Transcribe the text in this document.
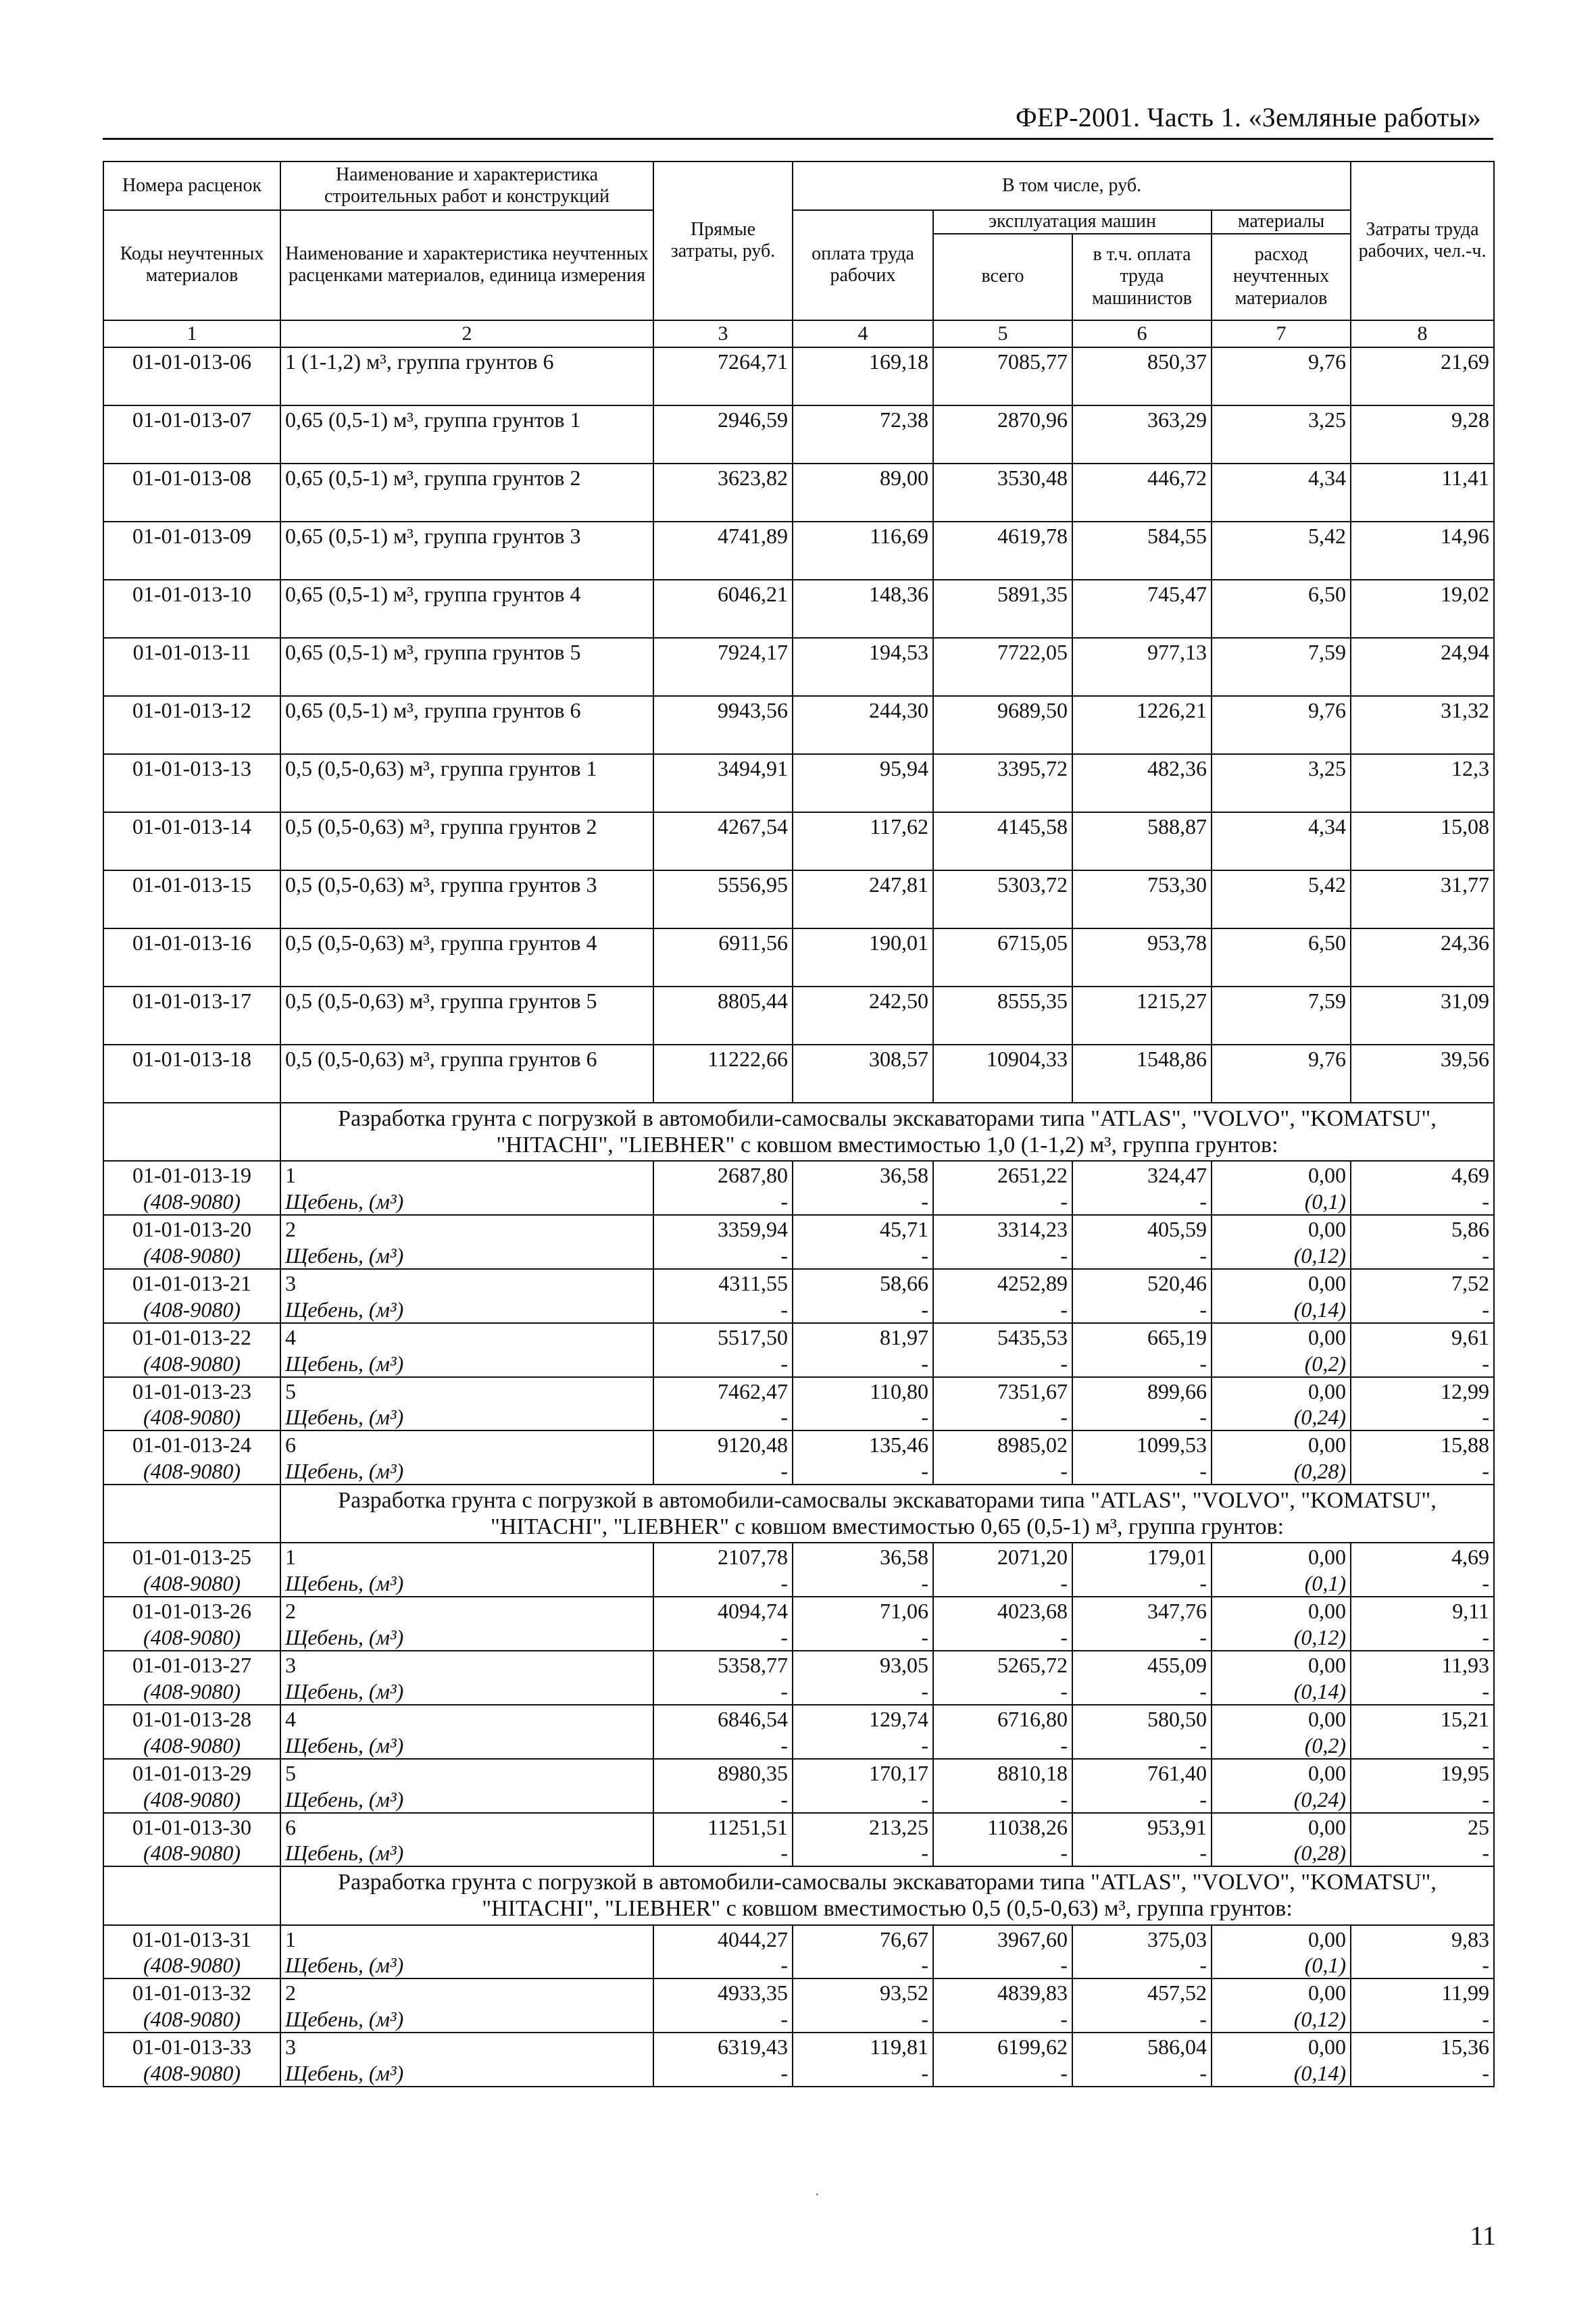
ФЕР-2001. Часть 1. «Земляные работы»
Номера расценок	Наименование и характеристика строительных работ и конструкций	Прямые затраты, руб.	В том числе, руб.				Затраты труда рабочих, чел.-ч.
Коды неучтенных материалов	Наименование и характеристика неучтенных расценками материалов, единица измерения		оплата труда рабочих	эксплуатация машин		материалы	
				всего	в т.ч. оплата труда машинистов	расход неучтенных материалов	
1	2	3	4	5	6	7	8
01-01-013-06	1 (1-1,2) м³, группа грунтов 6	7264,71	169,18	7085,77	850,37	9,76	21,69
01-01-013-07	0,65 (0,5-1) м³, группа грунтов 1	2946,59	72,38	2870,96	363,29	3,25	9,28
01-01-013-08	0,65 (0,5-1) м³, группа грунтов 2	3623,82	89,00	3530,48	446,72	4,34	11,41
01-01-013-09	0,65 (0,5-1) м³, группа грунтов 3	4741,89	116,69	4619,78	584,55	5,42	14,96
01-01-013-10	0,65 (0,5-1) м³, группа грунтов 4	6046,21	148,36	5891,35	745,47	6,50	19,02
01-01-013-11	0,65 (0,5-1) м³, группа грунтов 5	7924,17	194,53	7722,05	977,13	7,59	24,94
01-01-013-12	0,65 (0,5-1) м³, группа грунтов 6	9943,56	244,30	9689,50	1226,21	9,76	31,32
01-01-013-13	0,5 (0,5-0,63) м³, группа грунтов 1	3494,91	95,94	3395,72	482,36	3,25	12,3
01-01-013-14	0,5 (0,5-0,63) м³, группа грунтов 2	4267,54	117,62	4145,58	588,87	4,34	15,08
01-01-013-15	0,5 (0,5-0,63) м³, группа грунтов 3	5556,95	247,81	5303,72	753,30	5,42	31,77
01-01-013-16	0,5 (0,5-0,63) м³, группа грунтов 4	6911,56	190,01	6715,05	953,78	6,50	24,36
01-01-013-17	0,5 (0,5-0,63) м³, группа грунтов 5	8805,44	242,50	8555,35	1215,27	7,59	31,09
01-01-013-18	0,5 (0,5-0,63) м³, группа грунтов 6	11222,66	308,57	10904,33	1548,86	9,76	39,56
	Разработка грунта с погрузкой в автомобили-самосвалы экскаваторами типа "ATLAS", "VOLVO", "KOMATSU", "HITACHI", "LIEBHER" с ковшом вместимостью 1,0 (1-1,2) м³, группа грунтов:						
01-01-013-19	1	2687,80	36,58	2651,22	324,47	0,00	4,69
(408-9080)	Щебень, (м³)	-	-	-	-	(0,1)	-
01-01-013-20	2	3359,94	45,71	3314,23	405,59	0,00	5,86
(408-9080)	Щебень, (м³)	-	-	-	-	(0,12)	-
01-01-013-21	3	4311,55	58,66	4252,89	520,46	0,00	7,52
(408-9080)	Щебень, (м³)	-	-	-	-	(0,14)	-
01-01-013-22	4	5517,50	81,97	5435,53	665,19	0,00	9,61
(408-9080)	Щебень, (м³)	-	-	-	-	(0,2)	-
01-01-013-23	5	7462,47	110,80	7351,67	899,66	0,00	12,99
(408-9080)	Щебень, (м³)	-	-	-	-	(0,24)	-
01-01-013-24	6	9120,48	135,46	8985,02	1099,53	0,00	15,88
(408-9080)	Щебень, (м³)	-	-	-	-	(0,28)	-
	Разработка грунта с погрузкой в автомобили-самосвалы экскаваторами типа "ATLAS", "VOLVO", "KOMATSU", "HITACHI", "LIEBHER" с ковшом вместимостью 0,65 (0,5-1) м³, группа грунтов:						
01-01-013-25	1	2107,78	36,58	2071,20	179,01	0,00	4,69
(408-9080)	Щебень, (м³)	-	-	-	-	(0,1)	-
01-01-013-26	2	4094,74	71,06	4023,68	347,76	0,00	9,11
(408-9080)	Щебень, (м³)	-	-	-	-	(0,12)	-
01-01-013-27	3	5358,77	93,05	5265,72	455,09	0,00	11,93
(408-9080)	Щебень, (м³)	-	-	-	-	(0,14)	-
01-01-013-28	4	6846,54	129,74	6716,80	580,50	0,00	15,21
(408-9080)	Щебень, (м³)	-	-	-	-	(0,2)	-
01-01-013-29	5	8980,35	170,17	8810,18	761,40	0,00	19,95
(408-9080)	Щебень, (м³)	-	-	-	-	(0,24)	-
01-01-013-30	6	11251,51	213,25	11038,26	953,91	0,00	25
(408-9080)	Щебень, (м³)	-	-	-	-	(0,28)	-
	Разработка грунта с погрузкой в автомобили-самосвалы экскаваторами типа "ATLAS", "VOLVO", "KOMATSU", "HITACHI", "LIEBHER" с ковшом вместимостью 0,5 (0,5-0,63) м³, группа грунтов:						
01-01-013-31	1	4044,27	76,67	3967,60	375,03	0,00	9,83
(408-9080)	Щебень, (м³)	-	-	-	-	(0,1)	-
01-01-013-32	2	4933,35	93,52	4839,83	457,52	0,00	11,99
(408-9080)	Щебень, (м³)	-	-	-	-	(0,12)	-
01-01-013-33	3	6319,43	119,81	6199,62	586,04	0,00	15,36
(408-9080)	Щебень, (м³)	-	-	-	-	(0,14)	-
11
